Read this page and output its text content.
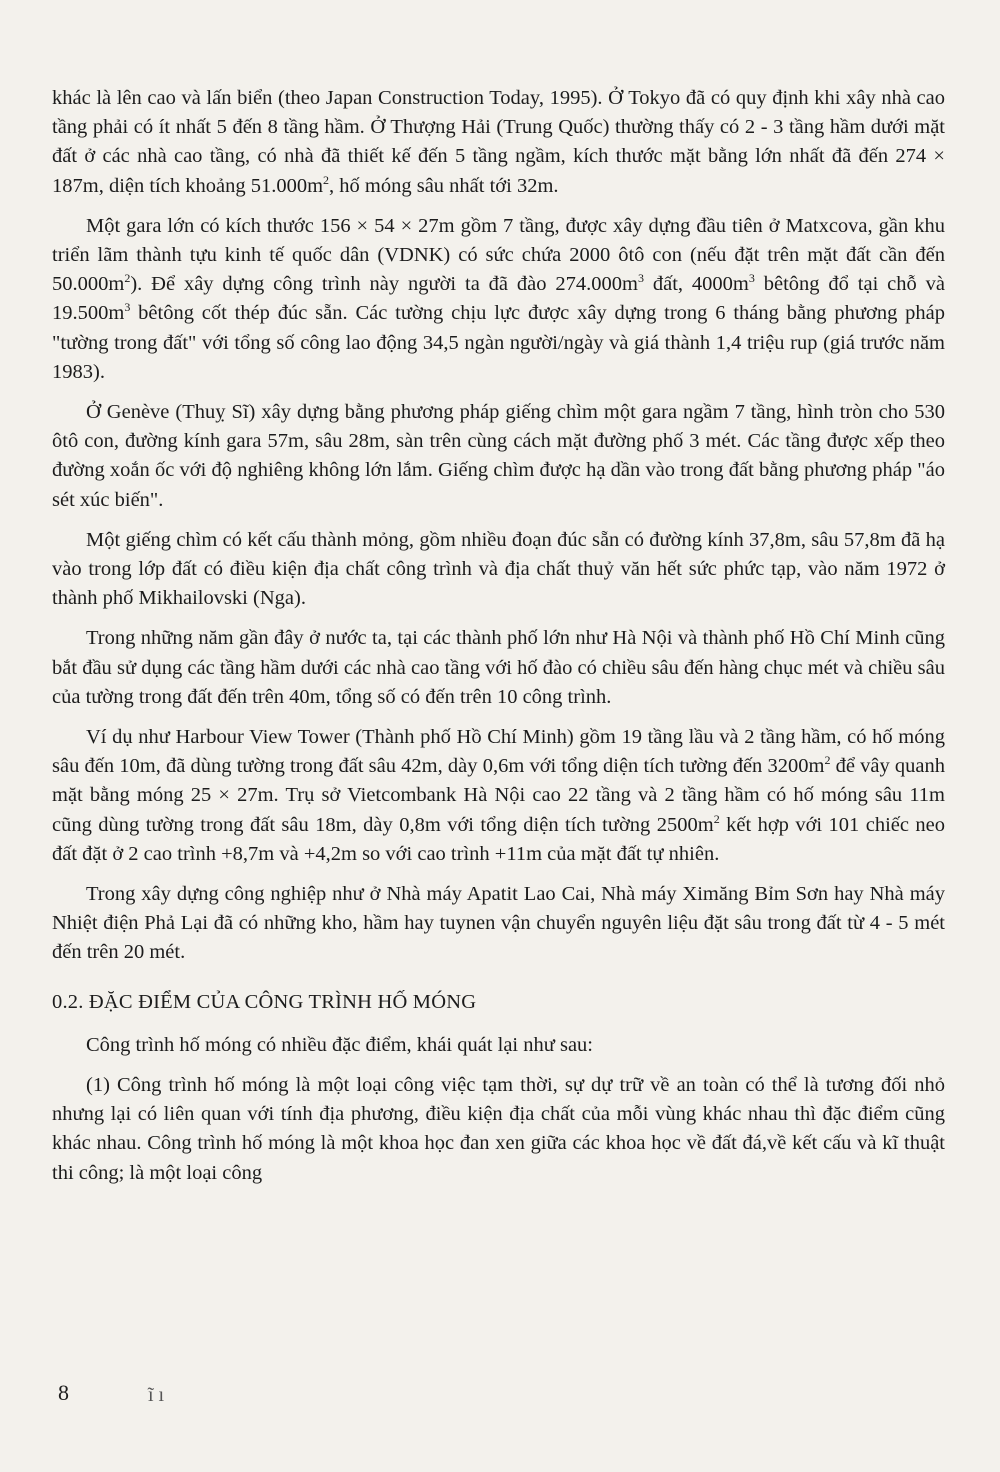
khác là lên cao và lấn biển (theo Japan Construction Today, 1995). Ở Tokyo đã có quy định khi xây nhà cao tầng phải có ít nhất 5 đến 8 tầng hầm. Ở Thượng Hải (Trung Quốc) thường thấy có 2 - 3 tầng hầm dưới mặt đất ở các nhà cao tầng, có nhà đã thiết kế đến 5 tầng ngầm, kích thước mặt bằng lớn nhất đã đến 274 × 187m, diện tích khoảng $51.000m^2$, hố móng sâu nhất tới 32m.

Một gara lớn có kích thước 156 × 54 × 27m gồm 7 tầng, được xây dựng đầu tiên ở Matxcova, gần khu triển lãm thành tựu kinh tế quốc dân (VDNK) có sức chứa 2000 ôtô con (nếu đặt trên mặt đất cần đến $50.000m^2$). Để xây dựng công trình này người ta đã đào $274.000m^3$ đất, $4000m^3$ bêtông đổ tại chỗ và $19.500m^3$ bêtông cốt thép đúc sẵn. Các tường chịu lực được xây dựng trong 6 tháng bằng phương pháp "tường trong đất" với tổng số công lao động 34,5 ngàn người/ngày và giá thành 1,4 triệu rup (giá trước năm 1983).

Ở Genève (Thuỵ Sĩ) xây dựng bằng phương pháp giếng chìm một gara ngầm 7 tầng, hình tròn cho 530 ôtô con, đường kính gara 57m, sâu 28m, sàn trên cùng cách mặt đường phố 3 mét. Các tầng được xếp theo đường xoắn ốc với độ nghiêng không lớn lắm. Giếng chìm được hạ dần vào trong đất bằng phương pháp "áo sét xúc biến".

Một giếng chìm có kết cấu thành mỏng, gồm nhiều đoạn đúc sẵn có đường kính 37,8m, sâu 57,8m đã hạ vào trong lớp đất có điều kiện địa chất công trình và địa chất thuỷ văn hết sức phức tạp, vào năm 1972 ở thành phố Mikhailovski (Nga).

Trong những năm gần đây ở nước ta, tại các thành phố lớn như Hà Nội và thành phố Hồ Chí Minh cũng bắt đầu sử dụng các tầng hầm dưới các nhà cao tầng với hố đào có chiều sâu đến hàng chục mét và chiều sâu của tường trong đất đến trên 40m, tổng số có đến trên 10 công trình.

Ví dụ như Harbour View Tower (Thành phố Hồ Chí Minh) gồm 19 tầng lầu và 2 tầng hầm, có hố móng sâu đến 10m, đã dùng tường trong đất sâu 42m, dày 0,6m với tổng diện tích tường đến $3200m^2$ để vây quanh mặt bằng móng 25 × 27m. Trụ sở Vietcombank Hà Nội cao 22 tầng và 2 tầng hầm có hố móng sâu 11m cũng dùng tường trong đất sâu 18m, dày 0,8m với tổng diện tích tường $2500m^2$ kết hợp với 101 chiếc neo đất đặt ở 2 cao trình +8,7m và +4,2m so với cao trình +11m của mặt đất tự nhiên.

Trong xây dựng công nghiệp như ở Nhà máy Apatit Lao Cai, Nhà máy Ximăng Bỉm Sơn hay Nhà máy Nhiệt điện Phả Lại đã có những kho, hầm hay tuynen vận chuyển nguyên liệu đặt sâu trong đất từ 4 - 5 mét đến trên 20 mét.

0.2. ĐẶC ĐIỂM CỦA CÔNG TRÌNH HỐ MÓNG

Công trình hố móng có nhiều đặc điểm, khái quát lại như sau:

(1) Công trình hố móng là một loại công việc tạm thời, sự dự trữ về an toàn có thể là tương đối nhỏ nhưng lại có liên quan với tính địa phương, điều kiện địa chất của mỗi vùng khác nhau thì đặc điểm cũng khác nhau. Công trình hố móng là một khoa học đan xen giữa các khoa học về đất đá,về kết cấu và kĩ thuật thi công; là một loại công

8	ĩ ı
